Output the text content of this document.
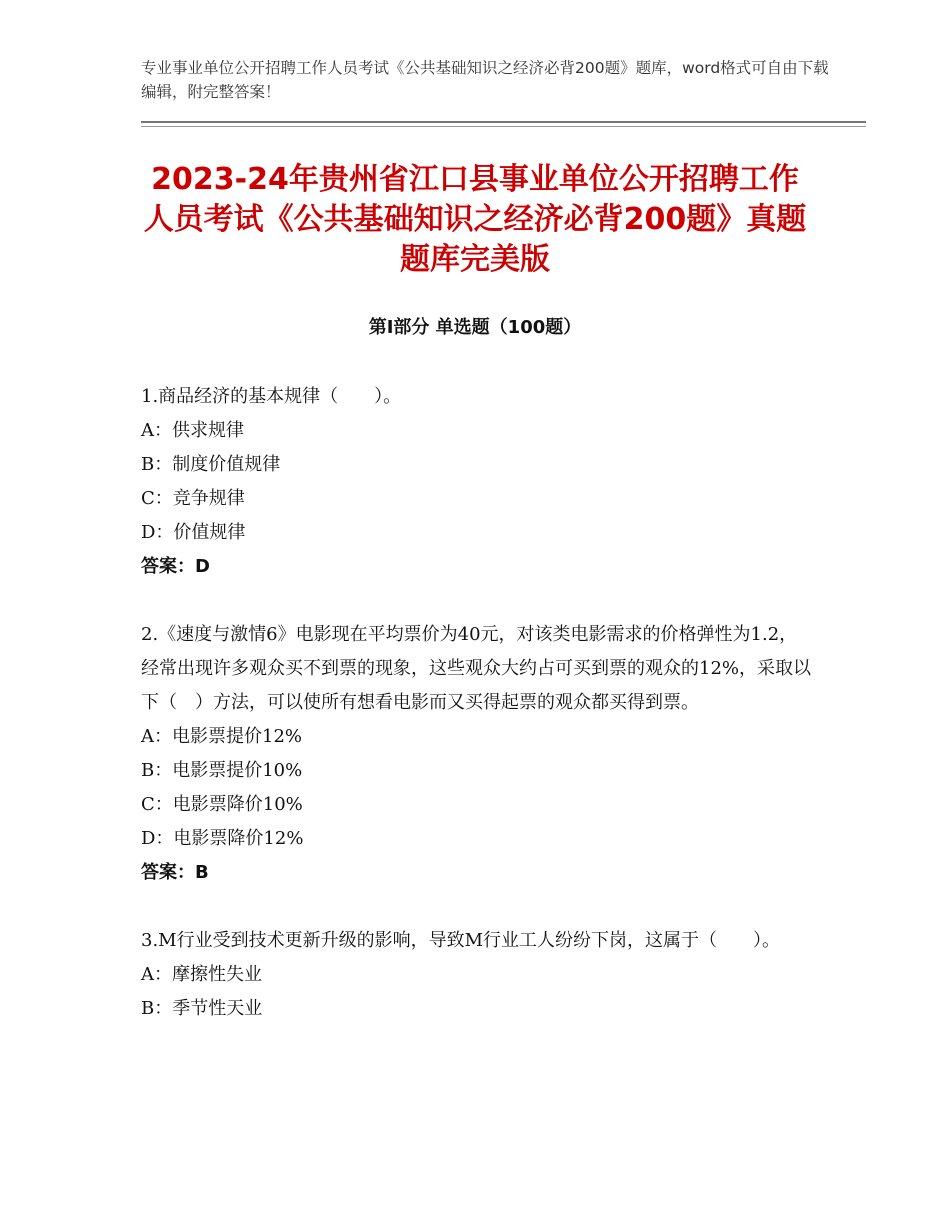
专业事业单位公开招聘工作人员考试《公共基础知识之经济必背200题》题库，word格式可自由下载编辑，附完整答案！
2023-24年贵州省江口县事业单位公开招聘工作人员考试《公共基础知识之经济必背200题》真题题库完美版
第Ⅰ部分 单选题（100题）

1.商品经济的基本规律（　　）。

A：供求规律

B：制度价值规律

C：竞争规律

D：价值规律

答案：D

2.《速度与激情6》电影现在平均票价为40元，对该类电影需求的价格弹性为1.2，经常出现许多观众买不到票的现象，这些观众大约占可买到票的观众的12%，采取以下（　）方法，可以使所有想看电影而又买得起票的观众都买得到票。

A：电影票提价12%

B：电影票提价10%

C：电影票降价10%

D：电影票降价12%

答案：B

3.M行业受到技术更新升级的影响，导致M行业工人纷纷下岗，这属于（　　）。

A：摩擦性失业

B：季节性天业
